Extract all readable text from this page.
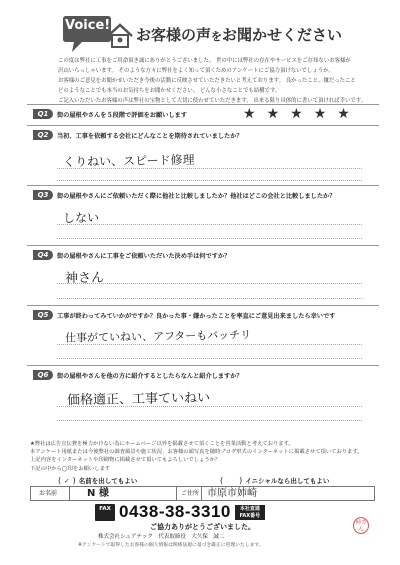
Voice!
お客様の声をお聞かせください

この度は弊社に工事をご用命頂き誠にありがとうございました。 世の中には弊社の存在やサービスをご存知ないお客様が

沢山いらっしゃいます。 そのような方々に弊社をよく知って頂くためのアンケートにご協力頂けないでしょうか。

お客様のご意見をお聞かせいただき今後の活動に反映させていただきたいと考えております。 良かったこと、嫌だったこと

どのようなことでも本当のお気持ちをお聞かせください。 どんな小さなことでも結構です。

ご記入いただいたお客様の声は弊社の宝物として大切に使わせていただきます。 出来る限り具体的に書いて頂ければ幸いです。

Q1	街の屋根やさんを５段階で評価をお願いします	★ ★ ★ ★ ★
Q2	当初、工事を依頼する会社にどんなことを期待されていましたか？
くりねい、スピード修理
Q3	街の屋根やさんにご依頼いただく際に他社と比較しましたか？他社はどこの会社と比較しましたか？
しない
Q4	街の屋根やさんに工事をご依頼いただいた決め手は何ですか？
神さん
Q5	工事が終わってみていかがですか？良かった事・嫌かったことを率直にご意見出来ましたら幸いです
仕事がていねい、アフターもバッチリ
Q6	街の屋根やさんを他の方に紹介するとしたらなんと紹介しますか？
価格適正、工事ていねい

★弊社は広告宣伝費を極力かけない為にホームページ以外を掲載させて頂くことを営業活動と考えております。

本アンケート用紙または今後弊社の調査風景や施工状況、お客様の顔写真を随時ブログ形式のインターネットに掲載させて頂いております。

上記内容をインターネットや印刷物に掲載させて頂いてもよろしいでしょうか？

下記の中から◯印をお願いします

( ✓ ) 名前を出してもよい	( ) イニシャルなら出してもよい
お名前	N 様	ご住所 市原市姉崎
FAX 0438-38-3310	本社直通 FAX番号
ご協力ありがとうございました。
株式会社シェアテック　代表取締役　大久保　誠二
※アンケートで取得したお客様の個人情報は関係法規に基づき厳正に管理いたします。
神さん
